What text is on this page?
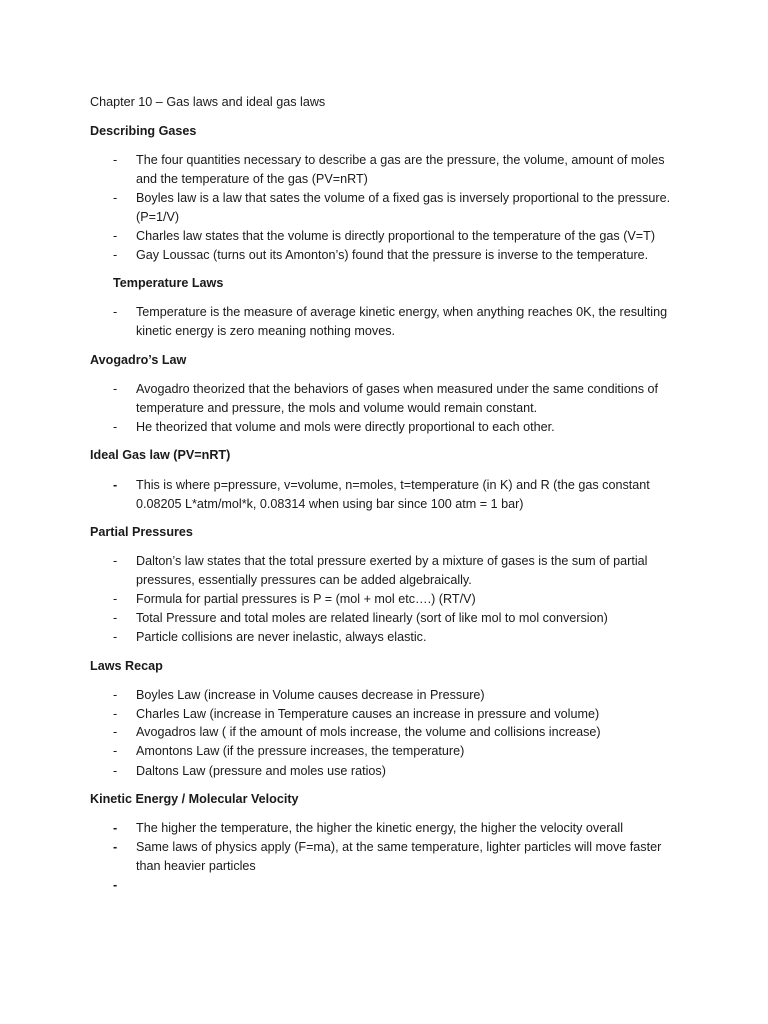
Chapter 10 – Gas laws and ideal gas laws
Describing Gases
-	The four quantities necessary to describe a gas are the pressure, the volume, amount of moles and the temperature of the gas (PV=nRT)
-	Boyles law is a law that sates the volume of a fixed gas is inversely proportional to the pressure. (P=1/V)
-	Charles law states that the volume is directly proportional to the temperature of the gas (V=T)
-	Gay Loussac (turns out its Amonton’s) found that the pressure is inverse to the temperature.
Temperature Laws
-	Temperature is the measure of average kinetic energy, when anything reaches 0K, the resulting kinetic energy is zero meaning nothing moves.
Avogadro’s Law
-	Avogadro theorized that the behaviors of gases when measured under the same conditions of temperature and pressure, the mols and volume would remain constant.
-	He theorized that volume and mols were directly proportional to each other.
Ideal Gas law (PV=nRT)
-	This is where p=pressure, v=volume, n=moles, t=temperature (in K) and R (the gas constant 0.08205 L*atm/mol*k, 0.08314 when using bar since 100 atm = 1 bar)
Partial Pressures
-	Dalton’s law states that the total pressure exerted by a mixture of gases is the sum of partial pressures, essentially pressures can be added algebraically.
-	Formula for partial pressures is P = (mol + mol etc….) (RT/V)
-	Total Pressure and total moles are related linearly (sort of like mol to mol conversion)
-	Particle collisions are never inelastic, always elastic.
Laws Recap
-	Boyles Law (increase in Volume causes decrease in Pressure)
-	Charles Law (increase in Temperature causes an increase in pressure and volume)
-	Avogadros law ( if the amount of mols increase, the volume and collisions increase)
-	Amontons Law (if the pressure increases, the temperature)
-	Daltons Law (pressure and moles use ratios)
Kinetic Energy / Molecular Velocity
-	The higher the temperature, the higher the kinetic energy, the higher the velocity overall
-	Same laws of physics apply (F=ma), at the same temperature, lighter particles will move faster than heavier particles
-
